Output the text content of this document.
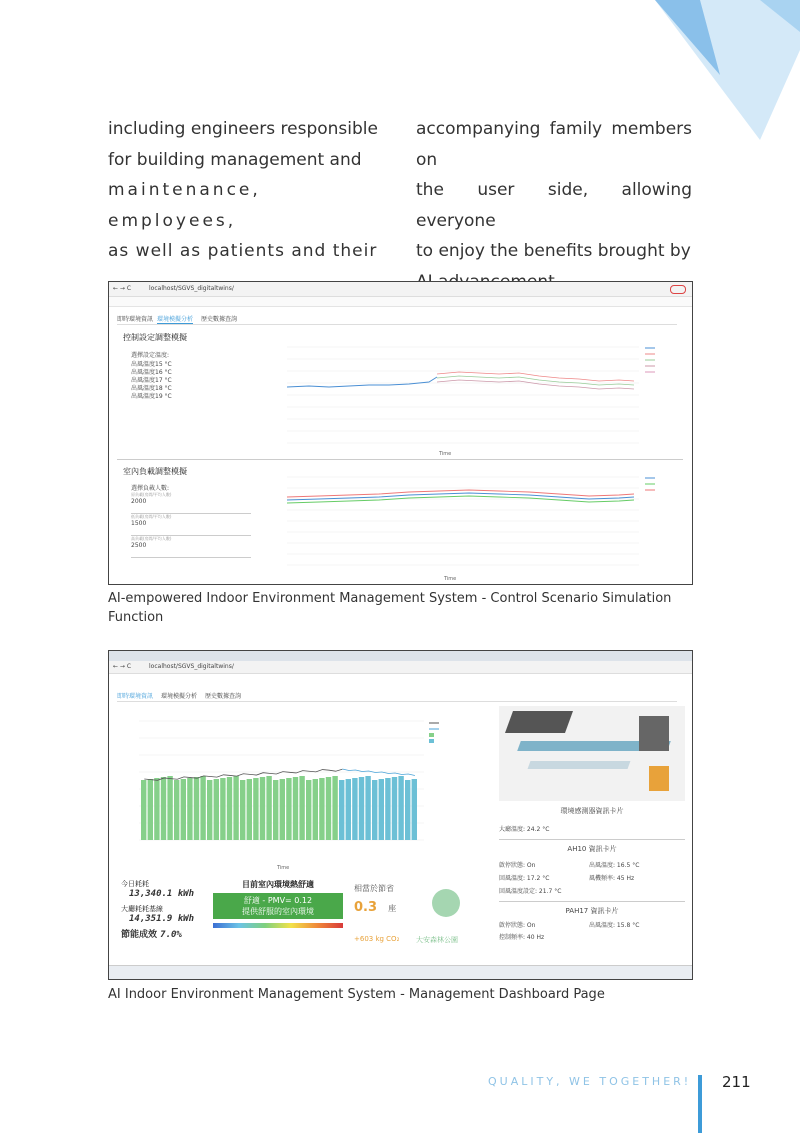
including engineers responsible
for building management and
maintenance, employees,
as well as patients and their
accompanying family members on
the user side, allowing everyone
to enjoy the benefits brought by
← → C	localhost/SGVS_digitaltwins/
即時環境資訊 環境模擬分析 歷史數據查詢
控制設定調整模擬
選擇設定溫度:
出風溫度15 °C
出風溫度16 °C
出風溫度17 °C
出風溫度18 °C
出風溫度19 °C
Time
室內負載調整模擬
選擇負載人數:
原負載(房間/平均人數)
2000
低負載(房間/平均人數)
1500
高負載(房間/平均人數)
2500
Time
AI-empowered Indoor Environment Management System - Control Scenario Simulation Function
← → C	localhost/SGVS_digitaltwins/
即時環境資訊 環境模擬分析 歷史數據查詢
Time
環境感測器資訊卡片
大廳溫度: 24.2 °C
AH10 資訊卡片
啟停狀態: On	出風溫度: 16.5 °C
回風溫度: 17.2 °C	風機頻率: 45 Hz
回風溫度設定: 21.7 °C
PAH17 資訊卡片
啟停狀態: On	出風溫度: 15.8 °C
控制頻率: 40 Hz
今日耗耗
13,340.1 kWh
大廳耗耗基線
14,351.9 kWh
節能成效 7.0%
目前室內環境熱舒適
舒適 - PMV= 0.12
提供舒服的室內環境
相當於節省
0.3 座
+603 kg CO₂ 大安森林公園
AI Indoor Environment Management System - Management Dashboard Page
QUALITY, WE TOGETHER! 211
